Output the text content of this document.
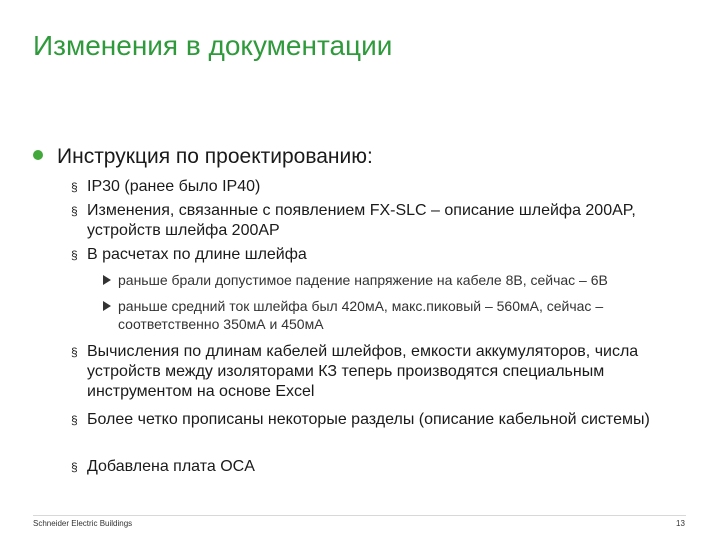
Изменения в документации
Инструкция по проектированию:
§ IP30 (ранее было IP40)
§ Изменения, связанные с появлением FX-SLC – описание шлейфа 200AP, устройств шлейфа 200AP
§ В расчетах по длине шлейфа
раньше брали допустимое падение напряжение на кабеле 8В, сейчас – 6В
раньше средний ток шлейфа был 420мА, макс.пиковый – 560мА, сейчас – соответственно 350мА и 450мА
§ Вычисления по длинам кабелей шлейфов, емкости аккумуляторов, числа устройств между изоляторами КЗ теперь производятся специальным инструментом на основе Excel
§ Более четко прописаны некоторые разделы (описание кабельной системы)
§ Добавлена плата OCA
Schneider Electric Buildings	13
